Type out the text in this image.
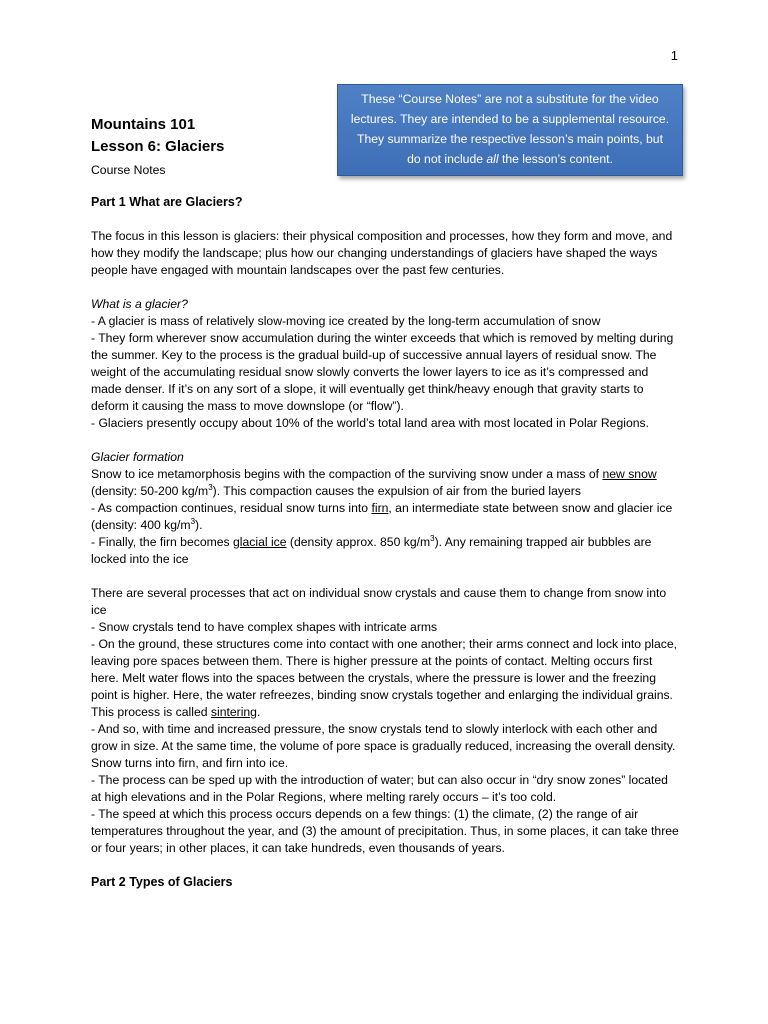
1
These “Course Notes” are not a substitute for the video
lectures. They are intended to be a supplemental resource.
They summarize the respective lesson’s main points, but
do not include all the lesson’s content.
Mountains 101
Lesson 6: Glaciers
Course Notes

Part 1 What are Glaciers?

The focus in this lesson is glaciers: their physical composition and processes, how they form and move, and how they modify the landscape; plus how our changing understandings of glaciers have shaped the ways people have engaged with mountain landscapes over the past few centuries.

What is a glacier?

- A glacier is mass of relatively slow-moving ice created by the long-term accumulation of snow

- They form wherever snow accumulation during the winter exceeds that which is removed by melting during the summer. Key to the process is the gradual build-up of successive annual layers of residual snow. The weight of the accumulating residual snow slowly converts the lower layers to ice as it’s compressed and made denser. If it’s on any sort of a slope, it will eventually get think/heavy enough that gravity starts to deform it causing the mass to move downslope (or “flow”).

- Glaciers presently occupy about 10% of the world’s total land area with most located in Polar Regions.

Glacier formation

Snow to ice metamorphosis begins with the compaction of the surviving snow under a mass of new snow (density: 50-200 $kg/m^3$). This compaction causes the expulsion of air from the buried layers

- As compaction continues, residual snow turns into firn, an intermediate state between snow and glacier ice (density: 400 $kg/m^3$).

- Finally, the firn becomes glacial ice (density approx. 850 $kg/m^3$). Any remaining trapped air bubbles are locked into the ice

There are several processes that act on individual snow crystals and cause them to change from snow into ice

- Snow crystals tend to have complex shapes with intricate arms

- On the ground, these structures come into contact with one another; their arms connect and lock into place, leaving pore spaces between them. There is higher pressure at the points of contact. Melting occurs first here. Melt water flows into the spaces between the crystals, where the pressure is lower and the freezing point is higher. Here, the water refreezes, binding snow crystals together and enlarging the individual grains. This process is called sintering.

- And so, with time and increased pressure, the snow crystals tend to slowly interlock with each other and grow in size. At the same time, the volume of pore space is gradually reduced, increasing the overall density. Snow turns into firn, and firn into ice.

- The process can be sped up with the introduction of water; but can also occur in “dry snow zones” located at high elevations and in the Polar Regions, where melting rarely occurs – it’s too cold.

- The speed at which this process occurs depends on a few things: (1) the climate, (2) the range of air temperatures throughout the year, and (3) the amount of precipitation. Thus, in some places, it can take three or four years; in other places, it can take hundreds, even thousands of years.

Part 2 Types of Glaciers
